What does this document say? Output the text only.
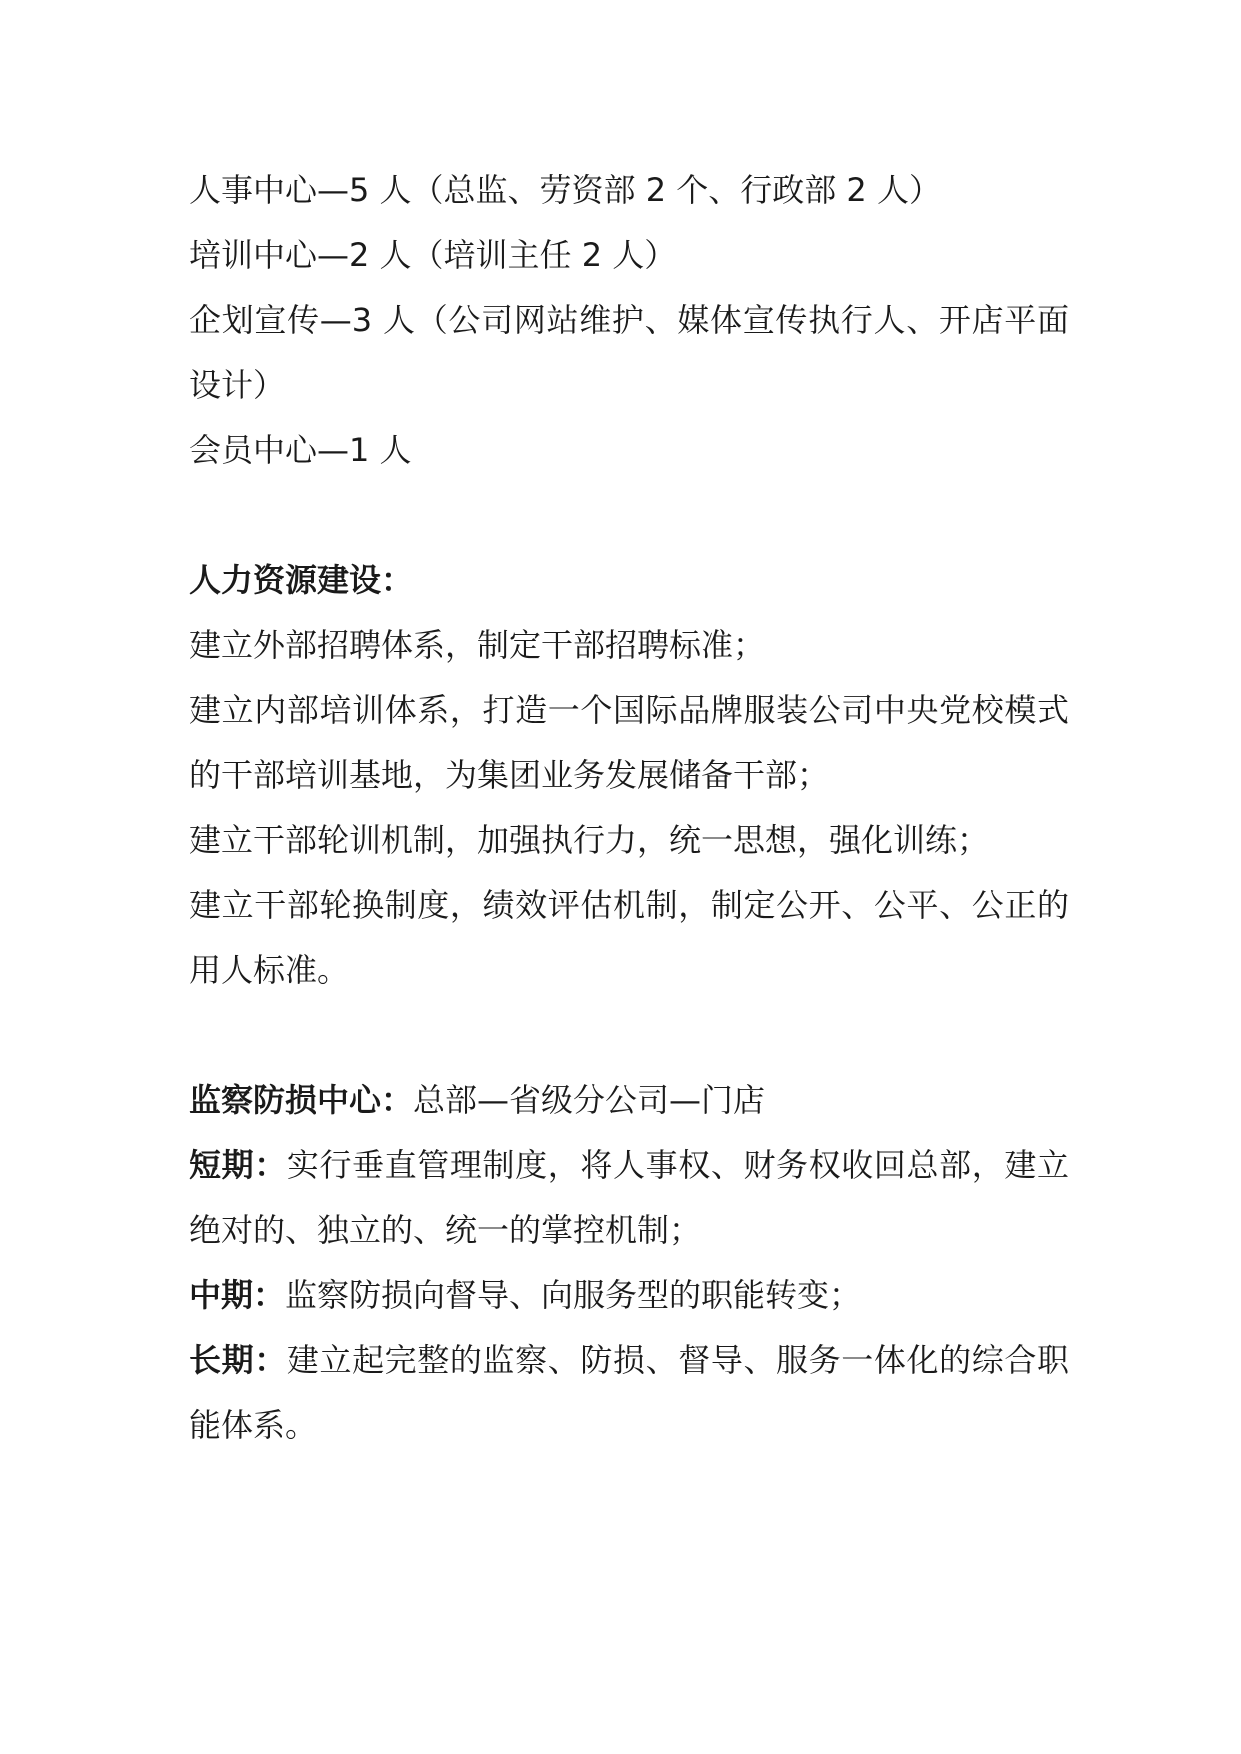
人事中心—5 人（总监、劳资部 2 个、行政部 2 人）

培训中心—2 人（培训主任 2 人）

企划宣传—3 人（公司网站维护、媒体宣传执行人、开店平面设计）

会员中心—1 人

人力资源建设：

建立外部招聘体系，制定干部招聘标准；

建立内部培训体系，打造一个国际品牌服装公司中央党校模式的干部培训基地，为集团业务发展储备干部；

建立干部轮训机制，加强执行力，统一思想，强化训练；

建立干部轮换制度，绩效评估机制，制定公开、公平、公正的用人标准。

监察防损中心：总部—省级分公司—门店

短期：实行垂直管理制度，将人事权、财务权收回总部，建立绝对的、独立的、统一的掌控机制；

中期：监察防损向督导、向服务型的职能转变；

长期：建立起完整的监察、防损、督导、服务一体化的综合职能体系。
